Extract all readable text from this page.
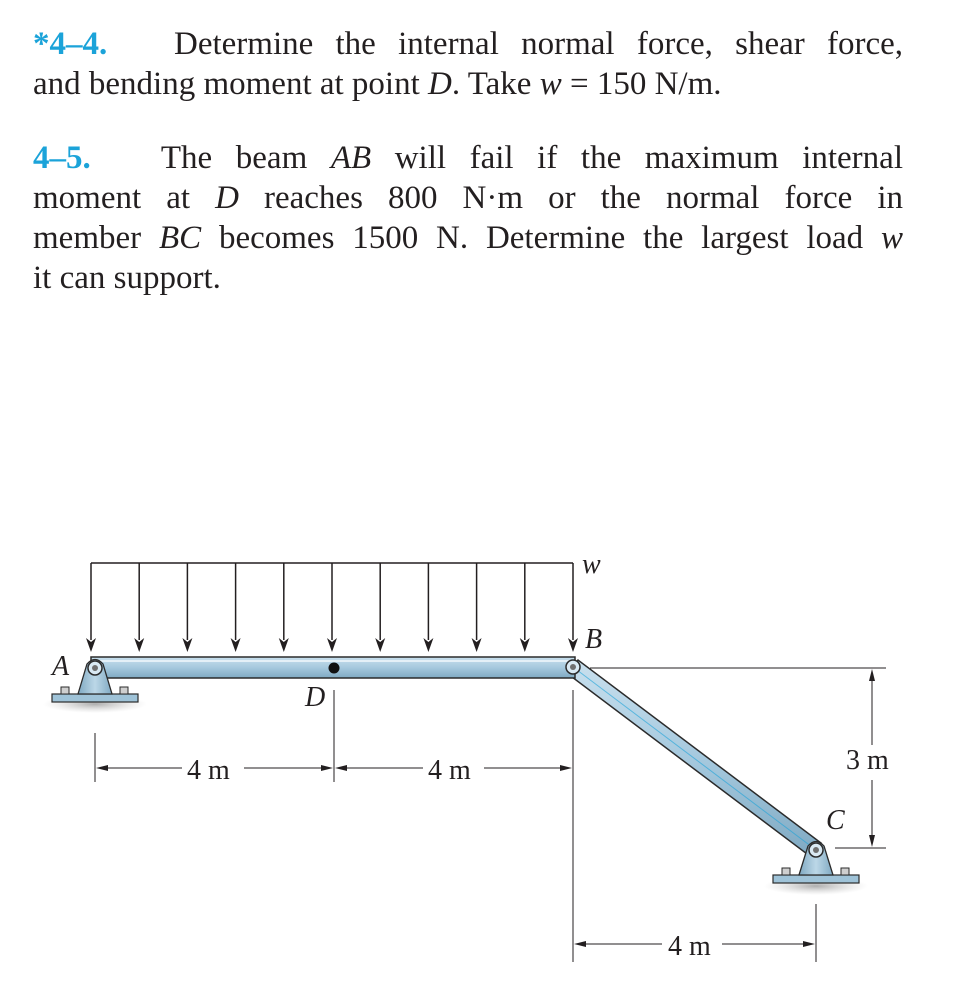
*4–4. Determine the internal normal force, shear force,
and bending moment at point D. Take w = 150 N/m.
4–5. The beam AB will fail if the maximum internal
moment at D reaches 800 N·m or the normal force in
member BC becomes 1500 N. Determine the largest load w
it can support.
w
4 m	4 m
4 m
3 m
A
B
C
D
